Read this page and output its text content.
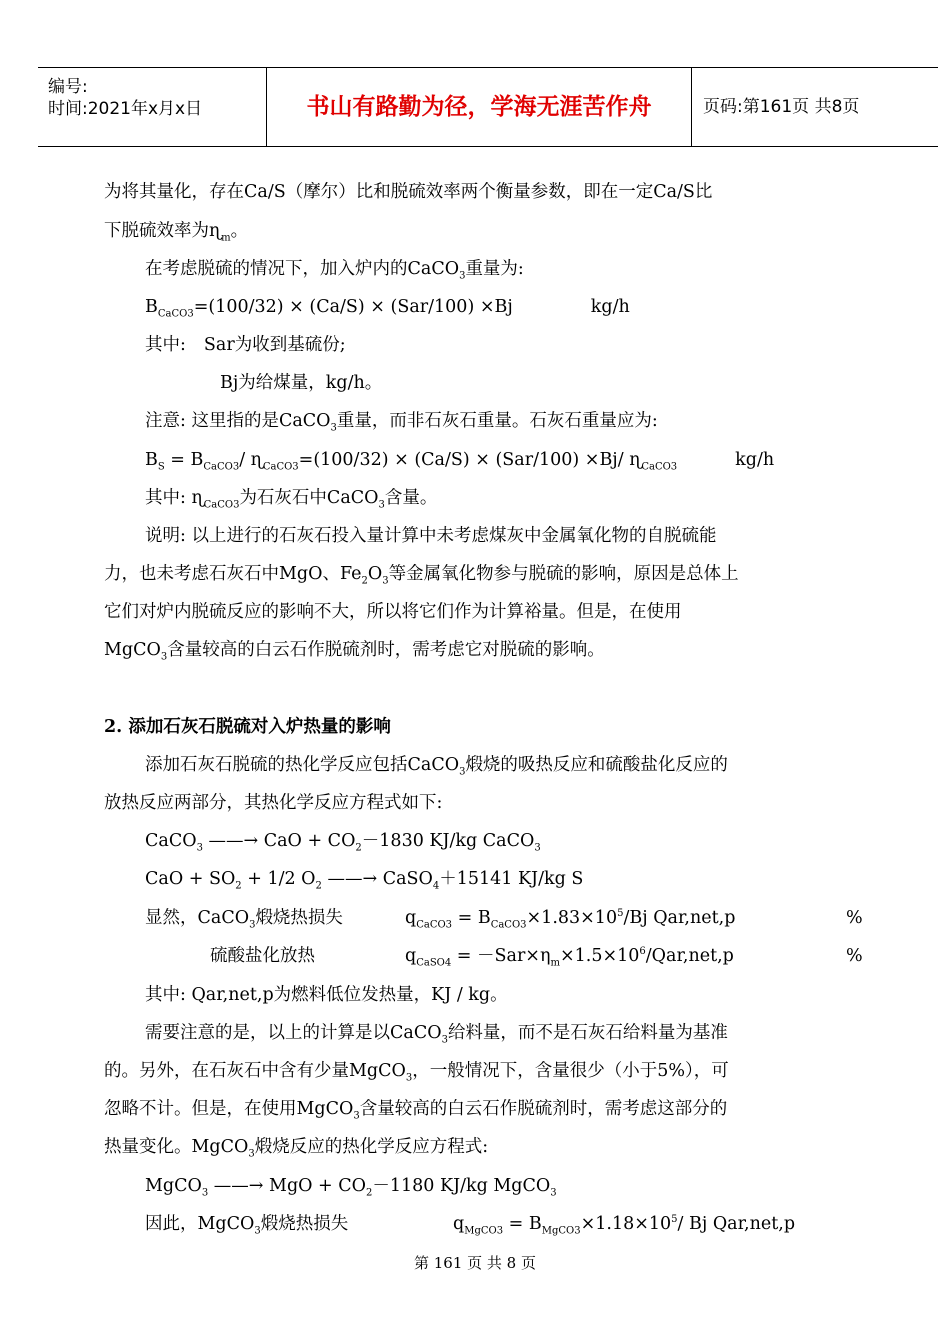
编号:
时间:2021年x月x日	书山有路勤为径，学海无涯苦作舟	页码:第161页 共8页
为将其量化，存在Ca/S（摩尔）比和脱硫效率两个衡量参数，即在一定Ca/S比
下脱硫效率为ɳ$_m$。
在考虑脱硫的情况下，加入炉内的CaCO$_3$重量为:
$B_{CaCO3}=(100/32) \times (Ca/S) \times (Sar/100) \times Bj$	kg/h
其中: Sar为收到基硫份;
Bj为给煤量，kg/h。
注意: 这里指的是CaCO$_3$重量，而非石灰石重量。石灰石重量应为:
$B_S = B_{CaCO3}/$ ɳ$_{CaCO3}$=(100/32) × (Ca/S) × (Sar/100) ×Bj/ ɳ$_{CaCO3}$	kg/h
其中: ɳ$_{CaCO3}$为石灰石中CaCO$_3$含量。
说明: 以上进行的石灰石投入量计算中未考虑煤灰中金属氧化物的自脱硫能
力，也未考虑石灰石中MgO、$Fe_2O_3$等金属氧化物参与脱硫的影响，原因是总体上
它们对炉内脱硫反应的影响不大，所以将它们作为计算裕量。但是，在使用
MgCO$_3$含量较高的白云石作脱硫剂时，需考虑它对脱硫的影响。
2. 添加石灰石脱硫对入炉热量的影响
添加石灰石脱硫的热化学反应包括CaCO$_3$煅烧的吸热反应和硫酸盐化反应的
放热反应两部分，其热化学反应方程式如下:
CaCO$_3$ ——→ CaO + $CO_2-1830$ KJ/kg CaCO$_3$
CaO + $SO_2 + 1/2$ $O_2$ ——→ CaSO$_4$＋15141 KJ/kg S
显然，CaCO$_3$煅烧热损失	$q_{CaCO3} = B_{CaCO3}\times 1.83\times 10^5/Bj$ Qar,net,p	%
硫酸盐化放热	$q_{CaSO4} = -Sar\times\eta_m\times 1.5\times 10^6/Qar,net,p$	%
其中: Qar,net,p为燃料低位发热量，KJ / kg。
需要注意的是，以上的计算是以CaCO$_3$给料量，而不是石灰石给料量为基准
的。另外，在石灰石中含有少量MgCO$_3$，一般情况下，含量很少（小于5%），可
忽略不计。但是，在使用MgCO$_3$含量较高的白云石作脱硫剂时，需考虑这部分的
热量变化。MgCO$_3$煅烧反应的热化学反应方程式:
MgCO$_3$ ——→ MgO + $CO_2-1180$ KJ/kg MgCO$_3$
因此，MgCO$_3$煅烧热损失	$q_{MgCO3} = B_{MgCO3}\times 1.18\times 10^5/$ Bj Qar,net,p
第 161 页 共 8 页
